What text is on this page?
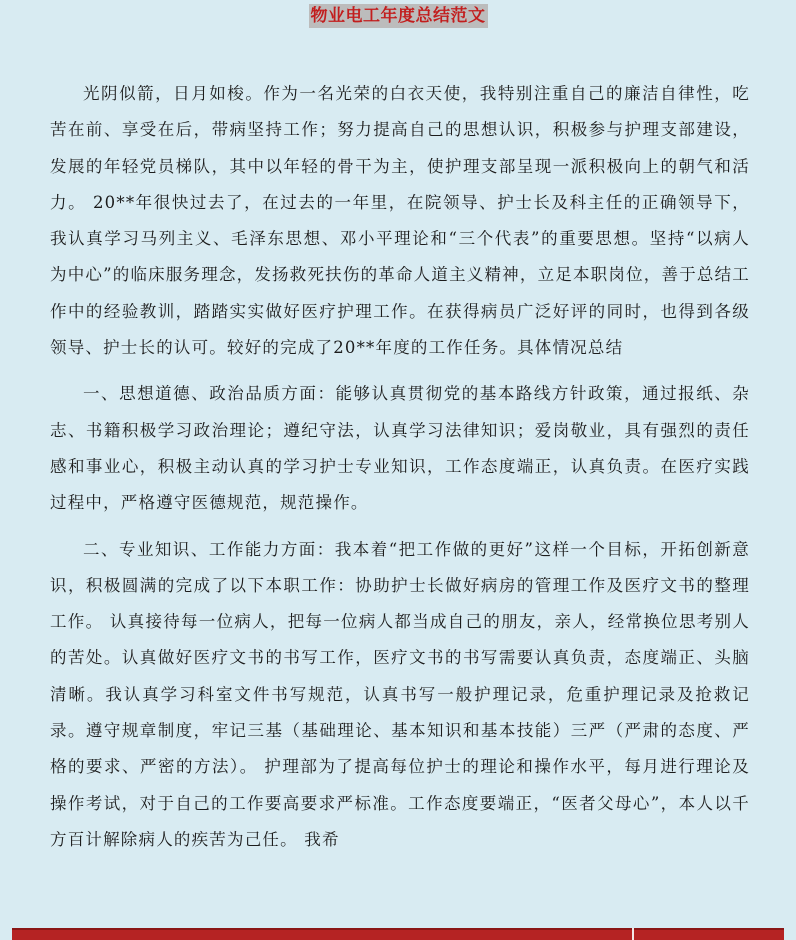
物业电工年度总结范文

光阴似箭，日月如梭。作为一名光荣的白衣天使，我特别注重自己的廉洁自律性，吃苦在前、享受在后，带病坚持工作；努力提高自己的思想认识，积极参与护理支部建设，发展的年轻党员梯队，其中以年轻的骨干为主，使护理支部呈现一派积极向上的朝气和活力。 20**年很快过去了，在过去的一年里，在院领导、护士长及科主任的正确领导下，我认真学习马列主义、毛泽东思想、邓小平理论和“三个代表”的重要思想。坚持“以病人为中心”的临床服务理念，发扬救死扶伤的革命人道主义精神，立足本职岗位，善于总结工作中的经验教训，踏踏实实做好医疗护理工作。在获得病员广泛好评的同时，也得到各级领导、护士长的认可。较好的完成了20**年度的工作任务。具体情况总结

一、思想道德、政治品质方面：能够认真贯彻党的基本路线方针政策，通过报纸、杂志、书籍积极学习政治理论；遵纪守法，认真学习法律知识；爱岗敬业，具有强烈的责任感和事业心，积极主动认真的学习护士专业知识，工作态度端正，认真负责。在医疗实践过程中，严格遵守医德规范，规范操作。

二、专业知识、工作能力方面：我本着“把工作做的更好”这样一个目标，开拓创新意识，积极圆满的完成了以下本职工作：协助护士长做好病房的管理工作及医疗文书的整理工作。 认真接待每一位病人，把每一位病人都当成自己的朋友，亲人，经常换位思考别人的苦处。认真做好医疗文书的书写工作，医疗文书的书写需要认真负责，态度端正、头脑清晰。我认真学习科室文件书写规范，认真书写一般护理记录，危重护理记录及抢救记录。遵守规章制度，牢记三基（基础理论、基本知识和基本技能）三严（严肃的态度、严格的要求、严密的方法）。 护理部为了提高每位护士的理论和操作水平，每月进行理论及操作考试，对于自己的工作要高要求严标准。工作态度要端正，“医者父母心”，本人以千方百计解除病人的疾苦为己任。 我希
